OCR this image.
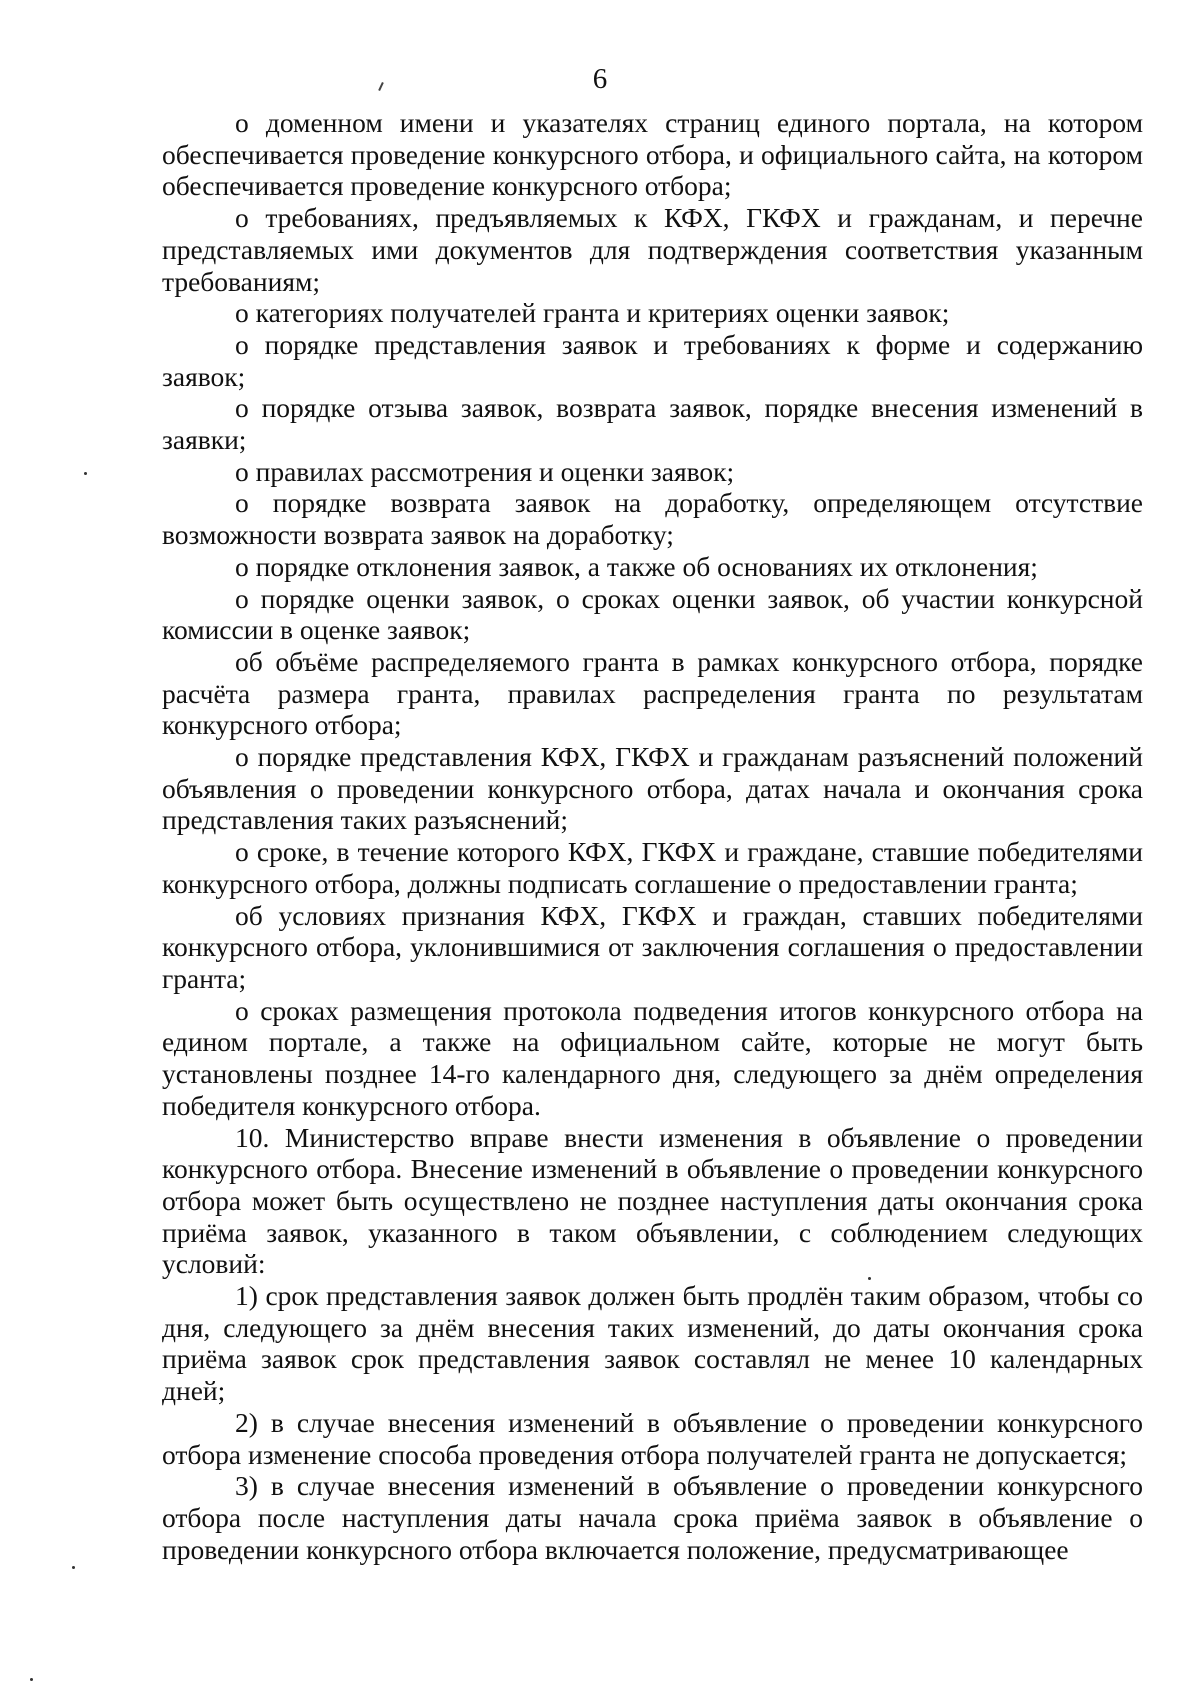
6

о доменном имени и указателях страниц единого портала, на котором обеспечивается проведение конкурсного отбора, и официального сайта, на котором обеспечивается проведение конкурсного отбора;

о требованиях, предъявляемых к КФХ, ГКФХ и гражданам, и перечне представляемых ими документов для подтверждения соответствия указанным требованиям;

о категориях получателей гранта и критериях оценки заявок;

о порядке представления заявок и требованиях к форме и содержанию заявок;

о порядке отзыва заявок, возврата заявок, порядке внесения изменений в заявки;

о правилах рассмотрения и оценки заявок;

о порядке возврата заявок на доработку, определяющем отсутствие возможности возврата заявок на доработку;

о порядке отклонения заявок, а также об основаниях их отклонения;

о порядке оценки заявок, о сроках оценки заявок, об участии конкурсной комиссии в оценке заявок;

об объёме распределяемого гранта в рамках конкурсного отбора, порядке расчёта размера гранта, правилах распределения гранта по результатам конкурсного отбора;

о порядке представления КФХ, ГКФХ и гражданам разъяснений положений объявления о проведении конкурсного отбора, датах начала и окончания срока представления таких разъяснений;

о сроке, в течение которого КФХ, ГКФХ и граждане, ставшие победителями конкурсного отбора, должны подписать соглашение о предоставлении гранта;

об условиях признания КФХ, ГКФХ и граждан, ставших победителями конкурсного отбора, уклонившимися от заключения соглашения о предоставлении гранта;

о сроках размещения протокола подведения итогов конкурсного отбора на едином портале, а также на официальном сайте, которые не могут быть установлены позднее 14-го календарного дня, следующего за днём определения победителя конкурсного отбора.

10. Министерство вправе внести изменения в объявление о проведении конкурсного отбора. Внесение изменений в объявление о проведении конкурсного отбора может быть осуществлено не позднее наступления даты окончания срока приёма заявок, указанного в таком объявлении, с соблюдением следующих условий:

1) срок представления заявок должен быть продлён таким образом, чтобы со дня, следующего за днём внесения таких изменений, до даты окончания срока приёма заявок срок представления заявок составлял не менее 10 календарных дней;

2) в случае внесения изменений в объявление о проведении конкурсного отбора изменение способа проведения отбора получателей гранта не допускается;

3) в случае внесения изменений в объявление о проведении конкурсного отбора после наступления даты начала срока приёма заявок в объявление о проведении конкурсного отбора включается положение, предусматривающее
